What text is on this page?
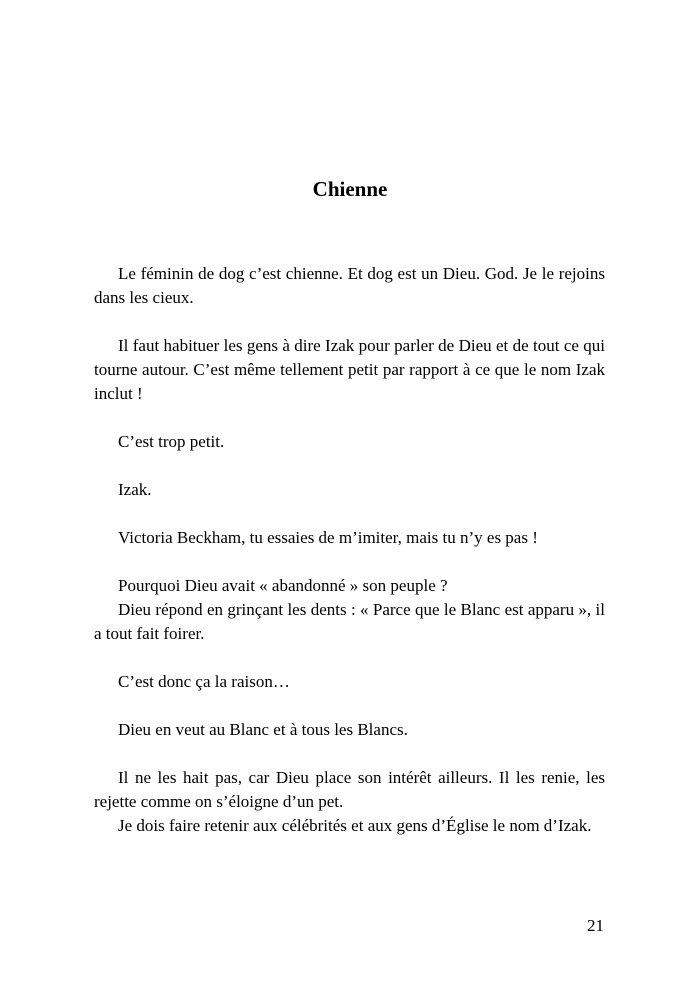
Chienne

Le féminin de dog c’est chienne. Et dog est un Dieu. God. Je le rejoins dans les cieux.

Il faut habituer les gens à dire Izak pour parler de Dieu et de tout ce qui tourne autour. C’est même tellement petit par rapport à ce que le nom Izak inclut !

C’est trop petit.

Izak.

Victoria Beckham, tu essaies de m’imiter, mais tu n’y es pas !

Pourquoi Dieu avait « abandonné » son peuple ?

Dieu répond en grinçant les dents : « Parce que le Blanc est apparu », il a tout fait foirer.

C’est donc ça la raison…

Dieu en veut au Blanc et à tous les Blancs.

Il ne les hait pas, car Dieu place son intérêt ailleurs. Il les renie, les rejette comme on s’éloigne d’un pet.

Je dois faire retenir aux célébrités et aux gens d’Église le nom d’Izak.

21
